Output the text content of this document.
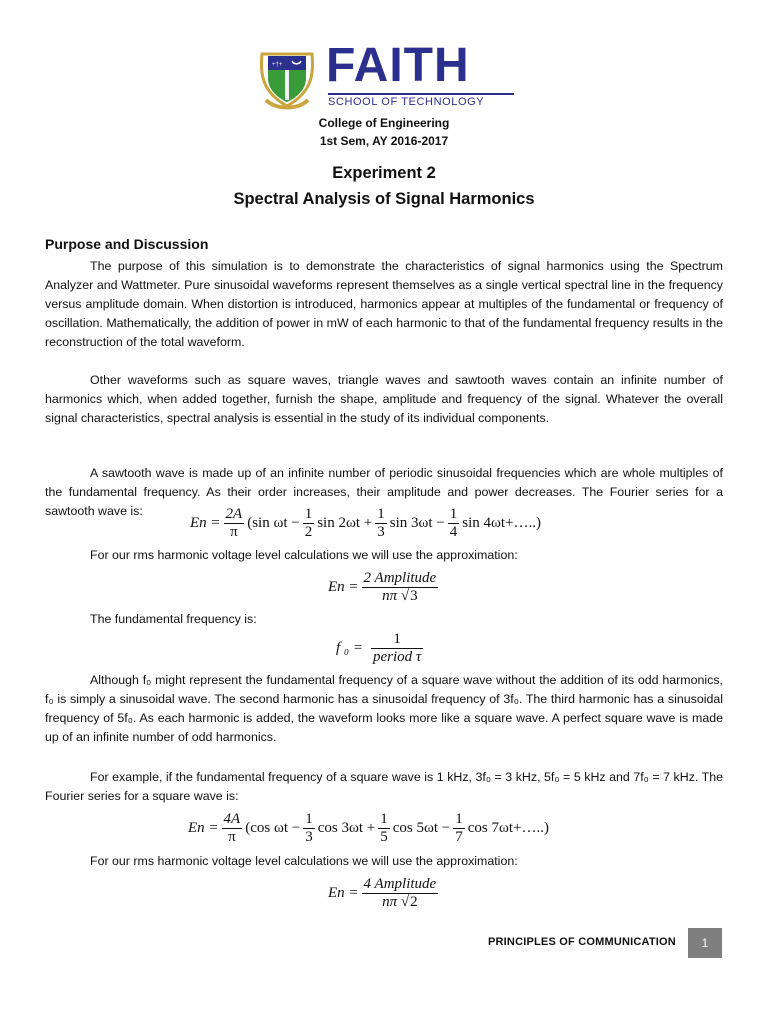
+†+ FAITH
SCHOOL OF TECHNOLOGY
College of Engineering
1st Sem, AY 2016-2017
Experiment 2
Spectral Analysis of Signal Harmonics
Purpose and Discussion

The purpose of this simulation is to demonstrate the characteristics of signal harmonics using the Spectrum Analyzer and Wattmeter. Pure sinusoidal waveforms represent themselves as a single vertical spectral line in the frequency versus amplitude domain. When distortion is introduced, harmonics appear at multiples of the fundamental or frequency of oscillation. Mathematically, the addition of power in mW of each harmonic to that of the fundamental frequency results in the reconstruction of the total waveform.

Other waveforms such as square waves, triangle waves and sawtooth waves contain an infinite number of harmonics which, when added together, furnish the shape, amplitude and frequency of the signal. Whatever the overall signal characteristics, spectral analysis is essential in the study of its individual components.

A sawtooth wave is made up of an infinite number of periodic sinusoidal frequencies which are whole multiples of the fundamental frequency. As their order increases, their amplitude and power decreases. The Fourier series for a sawtooth wave is:

$En = \frac{2A}{\pi} (\sin$ $\omega t - \frac{1}{2}$ $\sin 2\omega t + \frac{1}{3}$ $\sin 3\omega t - \frac{1}{4}$ sin 4ωt+…..)

For our rms harmonic voltage level calculations we will use the approximation:

$En = \frac{\text{2 Amplitude}}{n\pi √3}$

The fundamental frequency is:

f $_0 = \frac{1}{\text{period τ}}$

Although f₀ might represent the fundamental frequency of a square wave without the addition of its odd harmonics, f₀ is simply a sinusoidal wave. The second harmonic has a sinusoidal frequency of 3f₀. The third harmonic has a sinusoidal frequency of 5f₀. As each harmonic is added, the waveform looks more like a square wave. A perfect square wave is made up of an infinite number of odd harmonics.

For example, if the fundamental frequency of a square wave is 1 kHz, 3f₀ = 3 kHz, 5f₀ = 5 kHz and 7f₀ = 7 kHz. The Fourier series for a square wave is:

$En = \frac{4A}{\pi} (\cos$ $\omega t - \frac{1}{3}$ $\cos 3\omega t + \frac{1}{5}$ $\cos 5\omega t - \frac{1}{7}$ cos 7ωt+…..)

For our rms harmonic voltage level calculations we will use the approximation:

$En = \frac{\text{4 Amplitude}}{n\pi √2}$
PRINCIPLES OF COMMUNICATION	1
